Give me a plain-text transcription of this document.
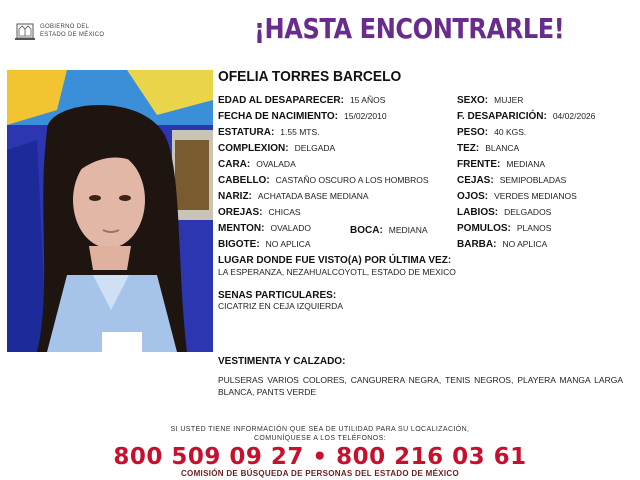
GOBIERNO DEL
ESTADO DE MÉXICO	¡HASTA ENCONTRARLE!
OFELIA TORRES BARCELO
EDAD AL DESAPARECER: 15 AÑOS
FECHA DE NACIMIENTO: 15/02/2010
ESTATURA: 1.55 MTS.
COMPLEXION: DELGADA
CARA: OVALADA
CABELLO: CASTAÑO OSCURO A LOS HOMBROS
NARIZ: ACHATADA BASE MEDIANA
OREJAS: CHICAS
MENTON: OVALADO
BIGOTE: NO APLICA
BOCA: MEDIANA
SEXO: MUJER
F. DESAPARICIÓN: 04/02/2026
PESO: 40 KGS.
TEZ: BLANCA
FRENTE: MEDIANA
CEJAS: SEMIPOBLADAS
OJOS: VERDES MEDIANOS
LABIOS: DELGADOS
POMULOS: PLANOS
BARBA: NO APLICA
LUGAR DONDE FUE VISTO(A) POR ÚLTIMA VEZ:
LA ESPERANZA, NEZAHUALCOYOTL, ESTADO DE MEXICO
SENAS PARTICULARES:
CICATRIZ EN CEJA IZQUIERDA
VESTIMENTA Y CALZADO:
PULSERAS VARIOS COLORES, CANGURERA NEGRA, TENIS NEGROS, PLAYERA MANGA LARGA BLANCA, PANTS VERDE
SI USTED TIENE INFORMACIÓN QUE SEA DE UTILIDAD PARA SU LOCALIZACIÓN,
COMUNÍQUESE A LOS TELÉFONOS:
800 509 09 27 • 800 216 03 61
COMISIÓN DE BÚSQUEDA DE PERSONAS DEL ESTADO DE MÉXICO
